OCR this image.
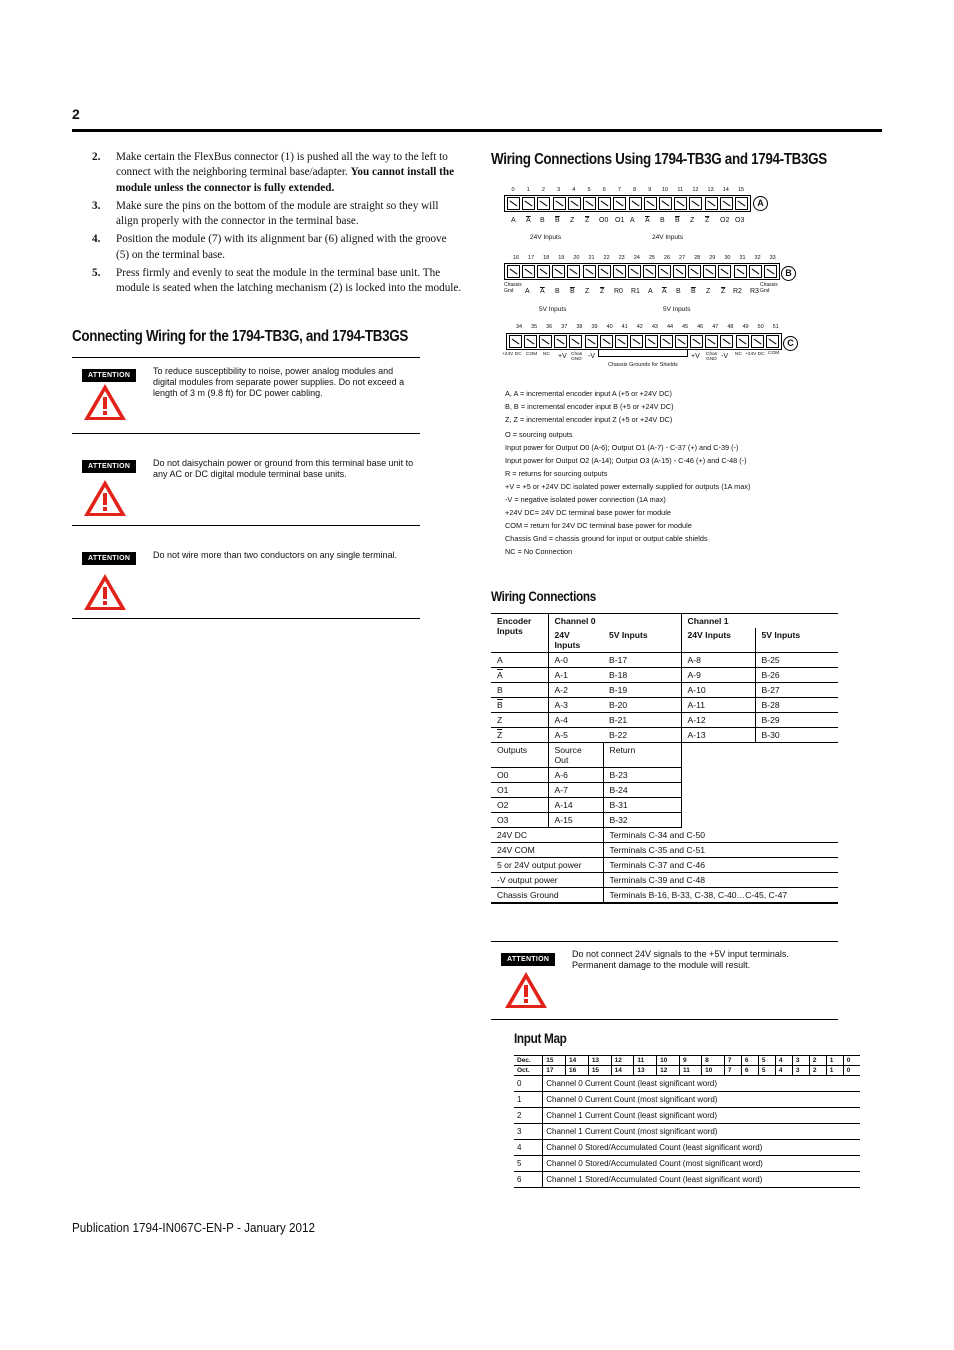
2
2.	Make certain the FlexBus connector (1) is pushed all the way to the left to connect with the neighboring terminal base/adapter. You cannot install the module unless the connector is fully extended.
3.	Make sure the pins on the bottom of the module are straight so they will align properly with the connector in the terminal base.
4.	Position the module (7) with its alignment bar (6) aligned with the groove (5) on the terminal base.
5.	Press firmly and evenly to seat the module in the terminal base unit. The module is seated when the latching mechanism (2) is locked into the module.
Connecting Wiring for the 1794-TB3G, and 1794-TB3GS
ATTENTION	To reduce susceptibility to noise, power analog modules and digital modules from separate power supplies. Do not exceed a length of 3 m (9.8 ft) for DC power cabling.
ATTENTION	Do not daisychain power or ground from this terminal base unit to any AC or DC digital module terminal base units.
ATTENTION	Do not wire more than two conductors on any single terminal.
Wiring Connections Using 1794-TB3G and 1794-TB3GS
0	1	2	3	4	5	6	7	8	9	10	11	12	13	14	15
A
A $\overline{A}$ B $\overline{B}$ Z $\overline{Z}$ O0 O1 A $\overline{A}$ B $\overline{B}$ Z $\overline{Z}$ O2 O3
24V Inputs	24V Inputs
16	17	18	19	20	21	22	23	24	25	26	27	28	29	30	31	32	33
B
Chassis Gnd
Chassis Gnd
A $\overline{A}$ B $\overline{B}$ Z $\overline{Z}$ R0 R1 A $\overline{A}$ B $\overline{B}$ Z $\overline{Z}$ R2 R3
5V Inputs	5V Inputs
34	35	36	37	38	39	40	41	42	43	44	45	46	47	48	49	50	51
C
+24V DC COM NC +V Chas GND -V	+V Chas GND -V NC +24V DC COM
Chassis Grounds for Shields
A, A = incremental encoder input A (+5 or +24V DC)
B, B = incremental encoder input B (+5 or +24V DC)
Z, Z = incremental encoder input Z (+5 or +24V DC)
O = sourcing outputs
Input power for Output O0 (A-6); Output O1 (A-7) - C-37 (+) and C-39 (-)
Input power for Output O2 (A-14); Output O3 (A-15) - C-46 (+) and C-48 (-)
R = returns for sourcing outputs
+V = +5 or +24V DC isolated power externally supplied for outputs (1A max)
-V = negative isolated power connection (1A max)
+24V DC= 24V DC terminal base power for module
COM = return for 24V DC terminal base power for module
Chassis Gnd = chassis ground for input or output cable shields
NC = No Connection
Wiring Connections
Encoder Inputs	Channel 0		Channel 1	
	24V Inputs	5V Inputs	24V Inputs	5V Inputs
A	A-0	B-17	A-8	B-25
$\overline{A}$	A-1	B-18	A-9	B-26
B	A-2	B-19	A-10	B-27
$\overline{B}$	A-3	B-20	A-11	B-28
Z	A-4	B-21	A-12	B-29
$\overline{Z}$	A-5	B-22	A-13	B-30
Outputs	Source Out	Return		
O0	A-6	B-23		
O1	A-7	B-24		
O2	A-14	B-31		
O3	A-15	B-32		
24V DC		Terminals C-34 and C-50		
24V COM		Terminals C-35 and C-51		
5 or 24V output power		Terminals C-37 and C-46		
-V output power		Terminals C-39 and C-48		
Chassis Ground		Terminals B-16, B-33, C-38, C-40…C-45, C-47		
ATTENTION
Do not connect 24V signals to the +5V input terminals. Permanent damage to the module will result.
Input Map
Dec.	15	14	13	12	11	10	9	8	7	6	5	4	3	2	1	0
Oct.	17	16	15	14	13	12	11	10	7	6	5	4	3	2	1	0
0	Channel 0 Current Count (least significant word)															
1	Channel 0 Current Count (most significant word)															
2	Channel 1 Current Count (least significant word)															
3	Channel 1 Current Count (most significant word)															
4	Channel 0 Stored/Accumulated Count (least significant word)															
5	Channel 0 Stored/Accumulated Count (most significant word)															
6	Channel 1 Stored/Accumulated Count (least significant word)															
Publication 1794-IN067C-EN-P - January 2012
